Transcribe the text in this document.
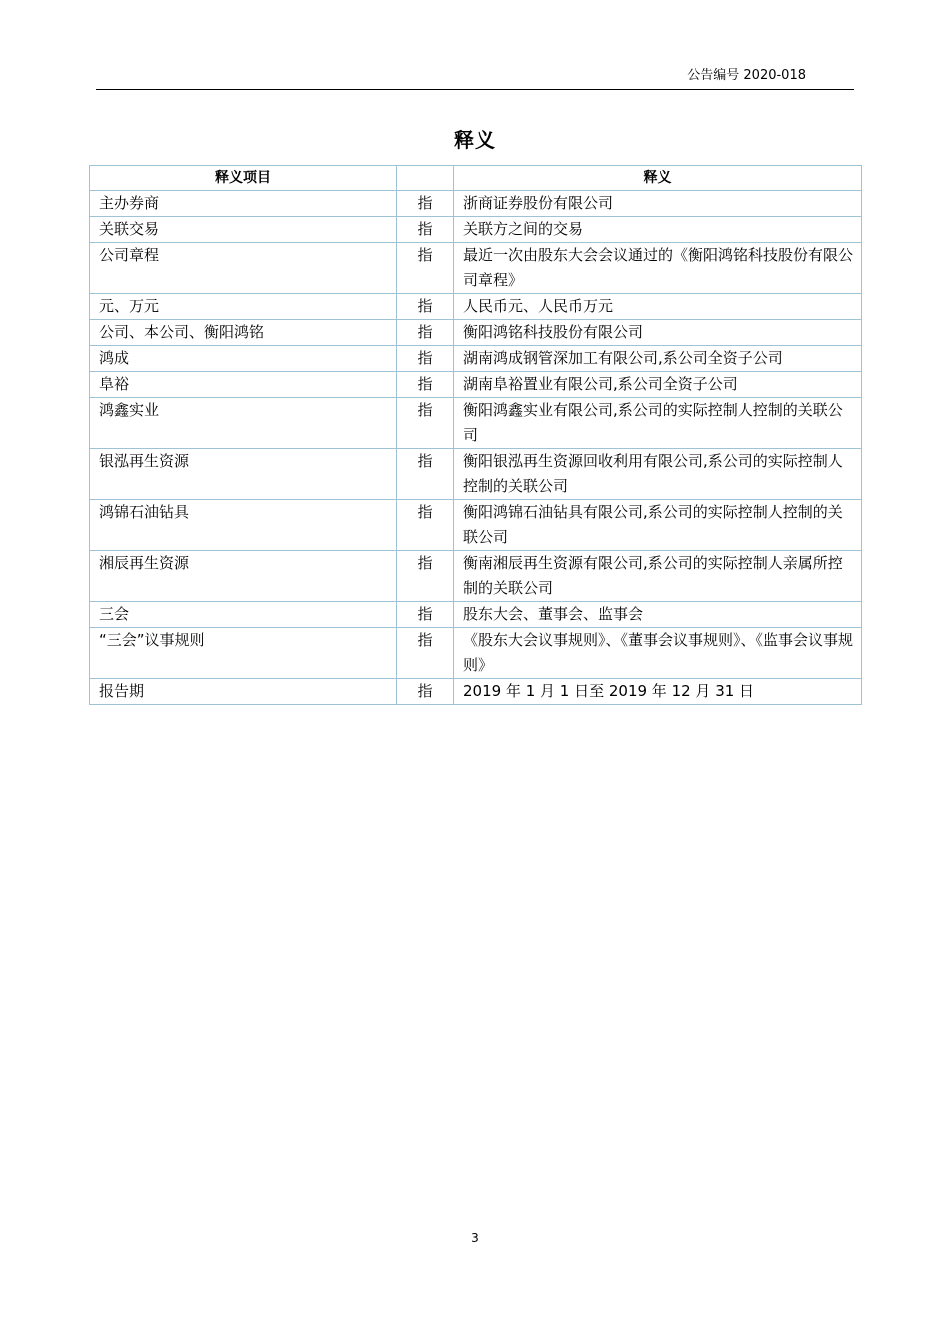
公告编号 2020-018
释义
释义项目		释义
主办券商	指	浙商证券股份有限公司
关联交易	指	关联方之间的交易
公司章程	指	最近一次由股东大会会议通过的《衡阳鸿铭科技股份有限公司章程》
元、万元	指	人民币元、人民币万元
公司、本公司、衡阳鸿铭	指	衡阳鸿铭科技股份有限公司
鸿成	指	湖南鸿成钢管深加工有限公司,系公司全资子公司
阜裕	指	湖南阜裕置业有限公司,系公司全资子公司
鸿鑫实业	指	衡阳鸿鑫实业有限公司,系公司的实际控制人控制的关联公司
银泓再生资源	指	衡阳银泓再生资源回收利用有限公司,系公司的实际控制人控制的关联公司
鸿锦石油钻具	指	衡阳鸿锦石油钻具有限公司,系公司的实际控制人控制的关联公司
湘辰再生资源	指	衡南湘辰再生资源有限公司,系公司的实际控制人亲属所控制的关联公司
三会	指	股东大会、董事会、监事会
“三会”议事规则	指	《股东大会议事规则》、《董事会议事规则》、《监事会议事规则》
报告期	指	2019 年 1 月 1 日至 2019 年 12 月 31 日
3
